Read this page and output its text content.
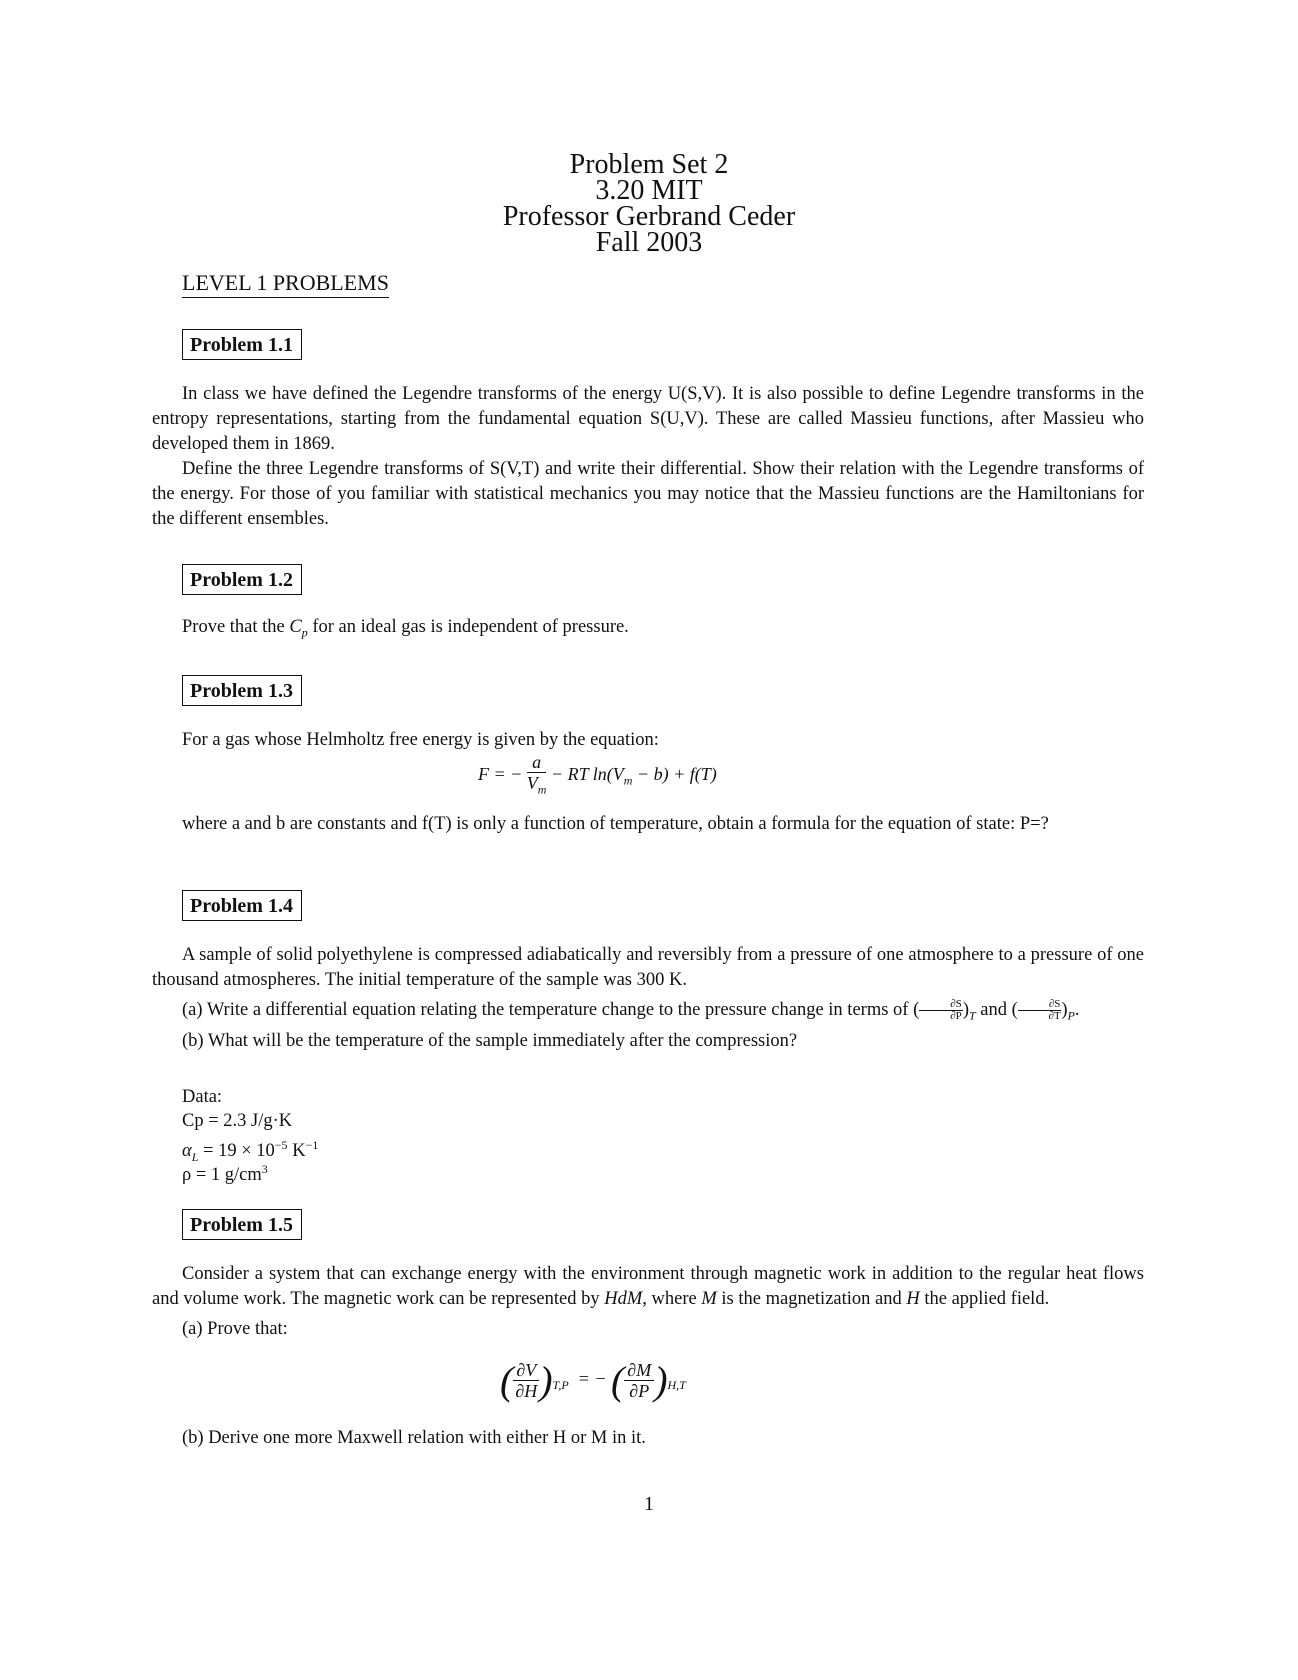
Problem Set 2
3.20 MIT
Professor Gerbrand Ceder
Fall 2003
LEVEL 1 PROBLEMS
Problem 1.1

In class we have defined the Legendre transforms of the energy U(S,V). It is also possible to define Legendre transforms in the entropy representations, starting from the fundamental equation S(U,V). These are called Massieu functions, after Massieu who developed them in 1869.

Define the three Legendre transforms of S(V,T) and write their differential. Show their relation with the Legendre transforms of the energy. For those of you familiar with statistical mechanics you may notice that the Massieu functions are the Hamiltonians for the different ensembles.

Problem 1.2
Prove that the $C_p$ for an ideal gas is independent of pressure.
Problem 1.3
For a gas whose Helmholtz free energy is given by the equation:
F = − $\frac{a}{V_m}$ − RT $\ln(V_m - b) + f(T)$

where a and b are constants and f(T) is only a function of temperature, obtain a formula for the equation of state: P=?

Problem 1.4

A sample of solid polyethylene is compressed adiabatically and reversibly from a pressure of one atmosphere to a pressure of one thousand atmospheres. The initial temperature of the sample was 300 K.

(a) Write a differential equation relating the temperature change to the pressure change in terms of ( $\frac{\partial S}{\partial P} )_T$ and ( $\frac{\partial S}{\partial T} )_P$.

(b) What will be the temperature of the sample immediately after the compression?

Data:
Cp = 2.3 J/g·K
$\alpha_L = 19 \times 10^{-5}$ $K^{-1}$
ρ = 1 $g/cm^3$
Problem 1.5

Consider a system that can exchange energy with the environment through magnetic work in addition to the regular heat flows and volume work. The magnetic work can be represented by HdM, where M is the magnetization and H the applied field.

(a) Prove that:

( $\frac{\partial V}{\partial H} )_{T,P}$ = − ( $\frac{\partial M}{\partial P} )_{H,T}$
(b) Derive one more Maxwell relation with either H or M in it.
1
